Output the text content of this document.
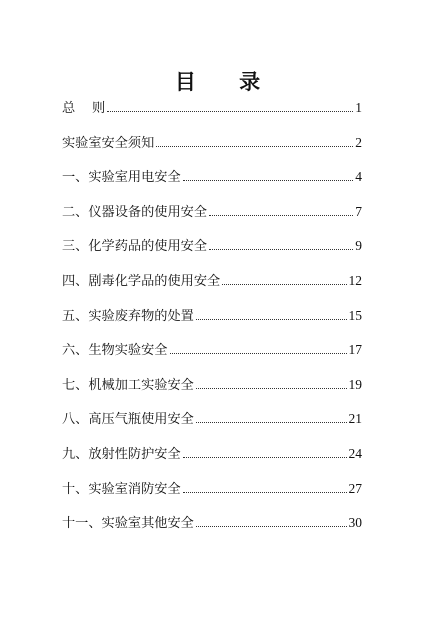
目 录
总    则	1
实验室安全须知	2
一、实验室用电安全	4
二、仪器设备的使用安全	7
三、化学药品的使用安全	9
四、剧毒化学品的使用安全	12
五、实验废弃物的处置	15
六、生物实验安全	17
七、机械加工实验安全	19
八、高压气瓶使用安全	21
九、放射性防护安全	24
十、实验室消防安全	27
十一、实验室其他安全	30
